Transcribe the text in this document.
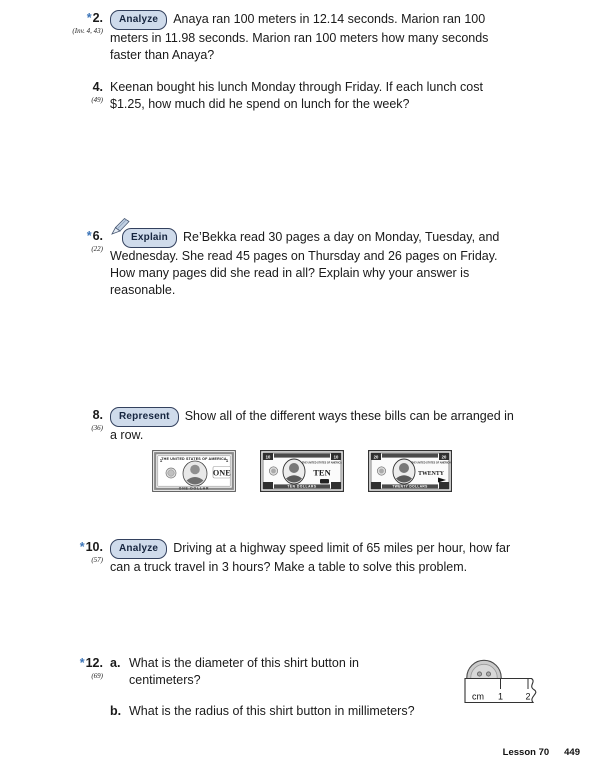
*2.
(Inv. 4, 43)
Analyze Anaya ran 100 meters in 12.14 seconds. Marion ran 100 meters in 11.98 seconds. Marion ran 100 meters how many seconds faster than Anaya?
4.
(49)
Keenan bought his lunch Monday through Friday. If each lunch cost $1.25, how much did he spend on lunch for the week?
*6.
(22)
Explain Re’Bekka read 30 pages a day on Monday, Tuesday, and Wednesday. She read 45 pages on Thursday and 26 pages on Friday. How many pages did she read in all? Explain why your answer is reasonable.
8.
(36)
Represent Show all of the different ways these bills can be arranged in a row.
THE UNITED STATES OF AMERICA
1	1
ONE
ONE DOLLAR
10	10
THE UNITED STATES OF AMERICA
TEN
TEN DOLLARS
20	20
THE UNITED STATES OF AMERICA
TWENTY
TWENTY DOLLARS
*10.
(57)
Analyze Driving at a highway speed limit of 65 miles per hour, how far can a truck travel in 3 hours? Make a table to solve this problem.
*12.
(69)
a. What is the diameter of this shirt button in centimeters?
b. What is the radius of this shirt button in millimeters?
cm 1 2
Lesson 70 449
